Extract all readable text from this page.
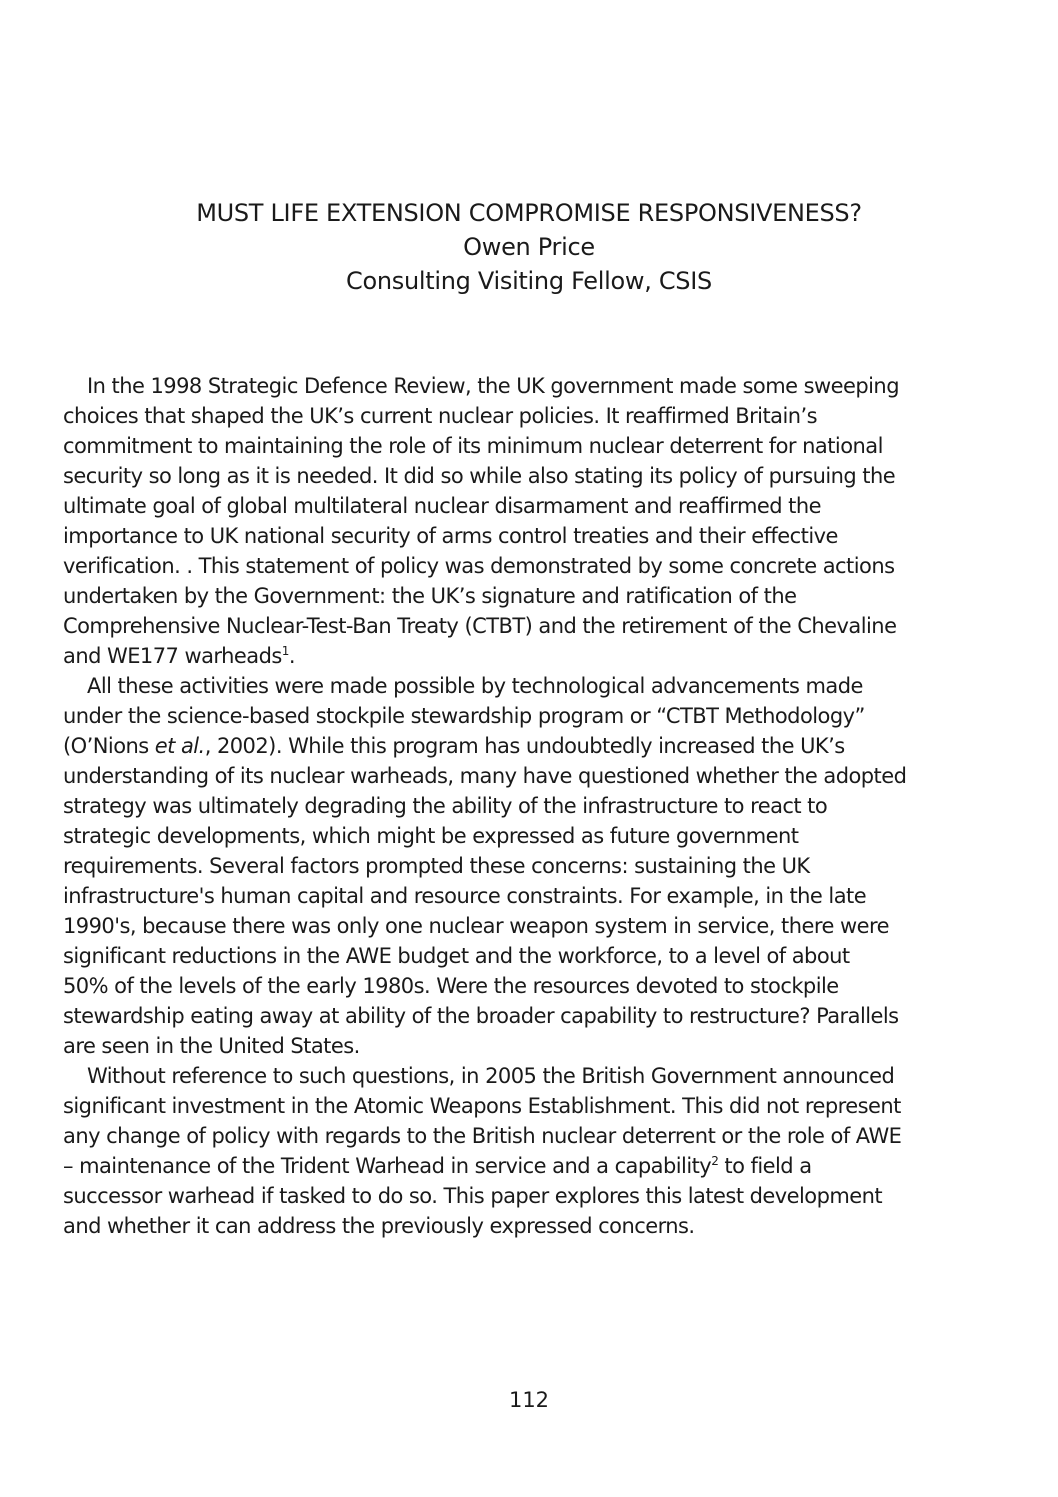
MUST LIFE EXTENSION COMPROMISE RESPONSIVENESS?
Owen Price
Consulting Visiting Fellow, CSIS
In the 1998 Strategic Defence Review, the UK government made some sweeping
choices that shaped the UK’s current nuclear policies. It reaffirmed Britain’s
commitment to maintaining the role of its minimum nuclear deterrent for national
security so long as it is needed. It did so while also stating its policy of pursuing the
ultimate goal of global multilateral nuclear disarmament and reaffirmed the
importance to UK national security of arms control treaties and their effective
verification. . This statement of policy was demonstrated by some concrete actions
undertaken by the Government: the UK’s signature and ratification of the
Comprehensive Nuclear-Test-Ban Treaty (CTBT) and the retirement of the Chevaline
and WE177 warheads$^1$.
All these activities were made possible by technological advancements made
under the science-based stockpile stewardship program or “CTBT Methodology”
(O’Nions et al., 2002). While this program has undoubtedly increased the UK’s
understanding of its nuclear warheads, many have questioned whether the adopted
strategy was ultimately degrading the ability of the infrastructure to react to
strategic developments, which might be expressed as future government
requirements. Several factors prompted these concerns: sustaining the UK
infrastructure's human capital and resource constraints. For example, in the late
1990's, because there was only one nuclear weapon system in service, there were
significant reductions in the AWE budget and the workforce, to a level of about
50% of the levels of the early 1980s. Were the resources devoted to stockpile
stewardship eating away at ability of the broader capability to restructure? Parallels
are seen in the United States.
Without reference to such questions, in 2005 the British Government announced
significant investment in the Atomic Weapons Establishment. This did not represent
any change of policy with regards to the British nuclear deterrent or the role of AWE
– maintenance of the Trident Warhead in service and a capability$^2$ to field a
successor warhead if tasked to do so. This paper explores this latest development
and whether it can address the previously expressed concerns.
112
